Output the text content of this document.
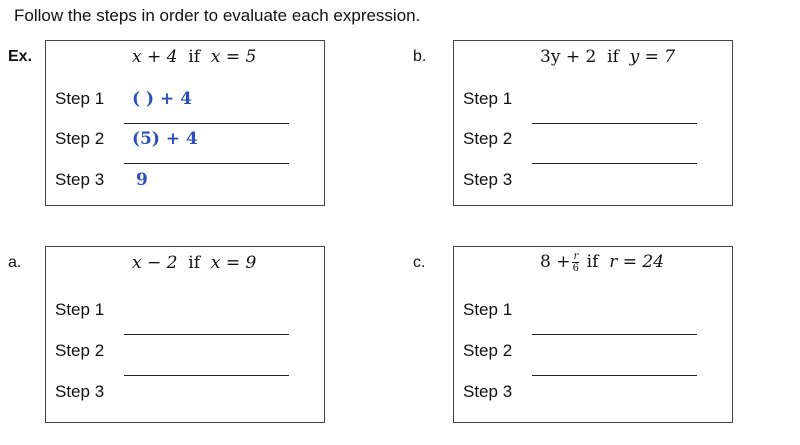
Follow the steps in order to evaluate each expression.
Ex.	x + 4 if x = 5
Step 1 ( ) + 4
Step 2 (5) + 4
Step 3 9
b.	3y + 2 if y = 7
Step 1
Step 2
Step 3
a.	x − 2 if x = 9
Step 1
Step 2
Step 3
c.	$8 + \frac{r}{6}$ if r = 24
Step 1
Step 2
Step 3
